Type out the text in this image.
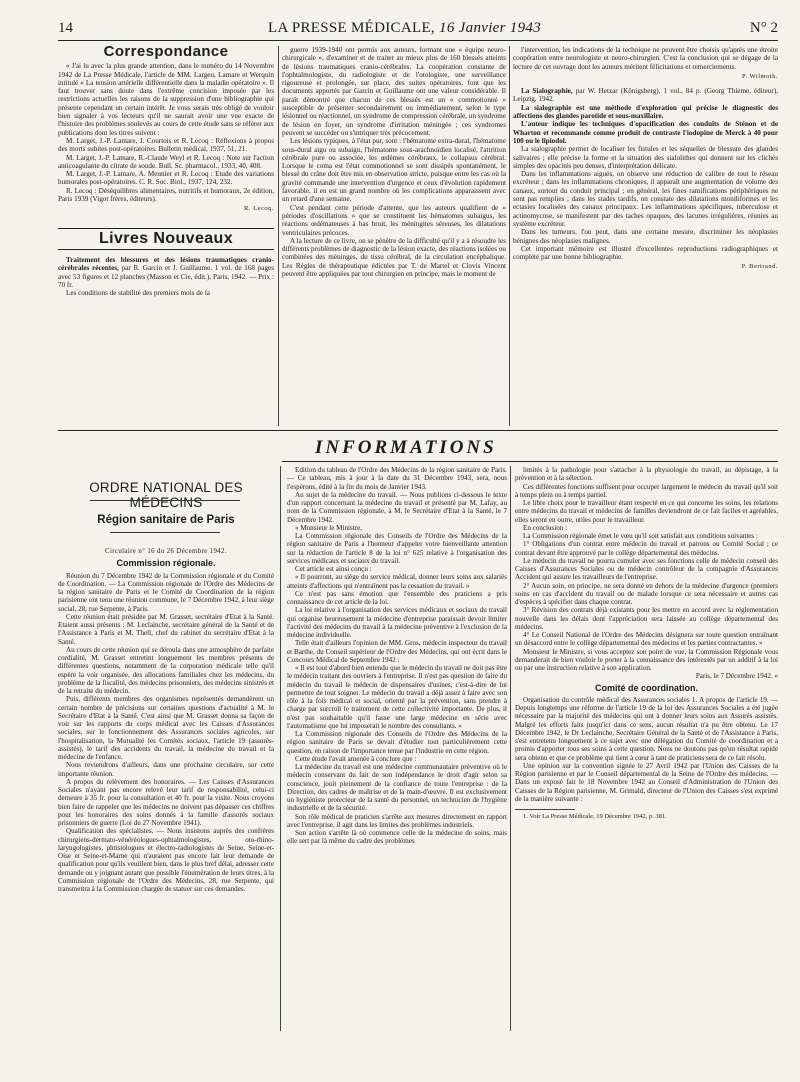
14	LA PRESSE MÉDICALE, 16 Janvier 1943	N° 2
Correspondance

« J'ai lu avec la plus grande attention, dans le numéro du 14 Novembre 1942 de La Presse Médicale, l'article de MM. Largeu, Lamare et Werquin intitulé « La tension artérielle différentielle dans la maladie opératoire ». Il faut trouver sans doute dans l'extrême concision imposée par les restrictions actuelles les raisons de la suppression d'une bibliographie qui présente cependant un certain intérêt. Je vous serais très obligé de vouloir bien signaler à vos lecteurs qu'il ne saurait avoir une vue exacte de l'histoire des problèmes soulevés au cours de cette étude sans se référer aux publications dont les titres suivent :

M. Larget, J.-P. Lamare, J. Courtois et R. Lecoq : Réflexions à propos des morts subites post-opératoires. Bulletin médical, 1937, 51, 21.

M. Larget, J.-P. Lamare, R.-Claude Weyl et R. Lecoq : Note sur l'action anticoagulante du citrate de soude. Bull. Sc. pharmacol., 1933, 40, 408.

M. Larget, J.-P. Lamare, A. Meunier et R. Lecoq : Etude des variations humorales post-opératoires. C. R. Soc. Biol., 1937, 124, 232.

R. Lecoq : Déséquilibres alimentaires, nutritifs et humoraux, 2e édition, Paris 1939 (Vigot frères, éditeurs).

R. Lecoq.
Livres Nouveaux

Traitement des blessures et des lésions traumatiques cranio-cérébrales récentes, par R. Garcin et J. Guillaume. 1 vol. de 168 pages avec 53 figures et 12 planches (Masson et Cie, édit.), Paris, 1942. — Prix : 70 fr.

Les conditions de stabilité des premiers mois de la

guerre 1939-1940 ont permis aux auteurs, formant une « équipe neuro-chirurgicale », d'examiner et de traiter au mieux plus de 160 blessés atteints de lésions traumatiques cranio-cérébrales. La coopération constante de l'ophtalmologiste, du radiologiste et de l'otologiste, une surveillance rigoureuse et prolongée, sur place, des suites opératoires, font que les documents apportés par Garcin et Guillaume ont une valeur considérable. Il paraît démontré que chacun de ces blessés est un « commotionné » susceptible de présenter secondairement ou immédiatement, selon le type lésionnel ou réactionnel, un syndrome de compression cérébrale, un syndrome de lésion en foyer, un syndrome d'irritation méningée ; ces syndromes peuvent se succéder ou s'intriquer très précocement.

Les lésions typiques, à l'état pur, sont : l'hématome extra-dural, l'hématome sous-dural aigu ou subaigu, l'hématome sous-arachnoïdien localisé, l'attrition cérébrale pure ou associée, les œdèmes cérébraux, le collapsus cérébral. Lorsque le coma est l'état commotionnel se sont dissipés spontanément, le blessé du crâne doit être mis en observation stricte, puisque entre les cas où la gravité commande une intervention d'urgence et ceux d'évolution rapidement favorable, il en est un grand nombre où les complications apparaissent avec un retard d'une semaine.

C'est pendant cette période d'attente, que les auteurs qualifient de « périodes d'oscillations » que se constituent les hématomes subaigus, les réactions œdémateuses à bas bruit, les méningites séreuses, les dilatations ventriculaires précoces.

A la lecture de ce livre, on se pénètre de la difficulté qu'il y a à résoudre les différents problèmes de diagnostic de la lésion exacte, des réactions isolées ou combinées des méninges, du tissu cérébral, de la circulation encéphalique. Les Règles de thérapeutique édictées par T. de Martel et Clovis Vincent peuvent être appliquées par tout chirurgien en principe, mais le moment de

l'intervention, les indications de la technique ne peuvent être choisis qu'après une étroite coopération entre neurologiste et neuro-chirurgien. C'est la conclusion qui se dégage de la lecture de cet ouvrage dont les auteurs méritent félicitations et remerciements.

P. Wilmoth.

La Sialographie, par W. Hetzar (Königsberg), 1 vol., 84 p. (Georg Thieme, éditeur), Leipzig, 1942.

La sialographie est une méthode d'exploration qui précise le diagnostic des affections des glandes parotide et sous-maxillaire.

L'auteur indique les techniques d'opacification des conduits de Sténon et de Wharton et recommande comme produit de contraste l'iodopine de Merck à 40 pour 100 ou le lipiodol.

La sialographie permet de localiser les fistules et les séquelles de blessure des glandes salivaires ; elle précise la forme et la situation des sialolithes qui donnent sur les clichés simples des opacités peu denses, d'interprétation délicate.

Dans les inflammations aiguës, on observe une réduction de calibre de tout le réseau excréteur ; dans les inflammations chroniques, il apparaît une augmentation de volume des canaux, surtout du conduit principal ; en général, les fines ramifications périphériques ne sont pas remplies ; dans les stades tardifs, on constate des dilatations moniliformes et les ectasies localisées des canaux principaux. Les inflammations spécifiques, tuberculose et actinomycose, se manifestent par des taches opaques, des lacunes irrégulières, réunies au système excréteur.

Dans les tumeurs, l'on peut, dans une certaine mesure, discriminer les néoplasies bénignes des néoplasies malignes.

Cet important mémoire est illustré d'excellentes reproductions radiographiques et complété par une bonne bibliographie.

P. Bertrand.
INFORMATIONS
ORDRE NATIONAL DES MÉDECINS
Région sanitaire de Paris
Circulaire n° 16 du 26 Décembre 1942.
Commission régionale.

Réunion du 7 Décembre 1942 de la Commission régionale et du Comité de Coordination. — La Commission régionale de l'Ordre des Médecins de la région sanitaire de Paris et le Comité de Coordination de la région parisienne ont tenu une réunion commune, le 7 Décembre 1942, à leur siège social, 28, rue Serpente, à Paris.

Cette réunion était présidée par M. Grasset, secrétaire d'Etat à la Santé. Etaient aussi présents : M. Leclainche, secrétaire général de la Santé et de l'Assistance à Paris et M. Thell, chef du cabinet du secrétaire d'Etat à la Santé.

Au cours de cette réunion qui se déroula dans une atmosphère de parfaite cordialité, M. Grasset entretint longuement les membres présents de différentes questions, notamment de la corporation médicale telle qu'il espère la voir organisée, des allocations familiales chez les médecins, du problème de la fiscalité, des médecins prisonniers, des médecins sinistrés et de la retraite du médecin.

Puis, différents membres des organismes représentés demandèrent un certain nombre de précisions sur certaines questions d'actualité à M. le Secrétaire d'Etat à la Santé. C'est ainsi que M. Grasset donna sa façon de voir sur les rapports du corps médical avec les Caisses d'Assurances sociales, sur le fonctionnement des Assurances sociales agricoles, sur l'hospitalisation, la Mutualité les Comités sociaux, l'article 19 (assurés-assistés), le tarif des accidents du travail, la médecine du travail et la médecine de l'enfance.

Nous reviendrons d'ailleurs, dans une prochaine circulaire, sur cette importante réunion.

A propos du relèvement des honoraires. — Les Caisses d'Assurances Sociales n'ayant pas encore relevé leur tarif de responsabilité, celui-ci demeure à 35 fr. pour la consultation et 40 fr. pour la visite. Nous croyons bien faire de rappeler que les médecins ne doivent pas dépasser ces chiffres pour les honoraires des soins donnés à la famille d'assurés sociaux prisonniers de guerre (Loi du 27 Novembre 1941).

Qualification des spécialistes. — Nous insistons auprès des confrères chirurgiens-dermato-vénéréologues-ophtalmologistes, oto-rhino-laryngologistes, phtisiologues et électro-radiologistes de Seine, Seine-et-Oise et Seine-et-Marne qui n'auraient pas encore fait leur demande de qualification pour qu'ils veuillent bien, dans le plus bref délai, adresser cette demande ou y joignant autant que possible l'énumération de leurs titres, à la Commission régionale de l'Ordre des Médecins, 28, rue Serpente, qui transmettra à la Commission chargée de statuer sur ces demandes.

Edition du tableau de l'Ordre des Médecins de la région sanitaire de Paris. — Ce tableau, mis à jour à la date du 31 Décembre 1943, sera, nous l'espérons, édité à la fin du mois de Janvier 1943.

Au sujet de la médecine du travail. — Nous publions ci-dessous le texte d'un rapport concernant la médecine du travail et présenté par M. Lafay, au nom de la Commission régionale, à M. le Secrétaire d'Etat à la Santé, le 7 Décembre 1942.

« Monsieur le Ministre,

La Commission régionale des Conseils de l'Ordre des Médecins de la région sanitaire de Paris a l'honneur d'appeler votre bienveillante attention sur la rédaction de l'article 8 de la loi n° 625 relative à l'organisation des services médicaux et sociaux du travail.

Cet article est ainsi conçu :

« Il pourront, au siège du service médical, donner leurs soins aux salariés atteints d'affections qui n'entraînent pas la cessation du travail. »

Ce n'est pas sans émotion que l'ensemble des praticiens a pris connaissance de cet article de la loi.

La loi relative à l'organisation des services médicaux et sociaux du travail qui organise heureusement la médecine d'entreprise paraissait devoir limiter l'activité des médecins du travail à la médecine préventive à l'exclusion de la médecine individuelle.

Telle était d'ailleurs l'opinion de MM. Gros, médecin inspecteur du travail et Barthe, du Conseil supérieur de l'Ordre des Médecins, qui ont écrit dans le Concours Médical de Septembre 1942 :

« Il est tout d'abord bien entendu que le médecin du travail ne doit pas être le médecin traitant des ouvriers à l'entreprise. Il n'est pas question de faire du médecin du travail le médecin de dispensaires d'usines, c'est-à-dire de lui permettre de tout soigner. Le médecin du travail a déjà assez à faire avec son rôle à la fois médical et social, orienté par la prévention, sans prendre à charge par surcroît le traitement de cette collectivité importante. De plus, il n'est pas souhaitable qu'il fasse une large médecine en série avec l'automatisme que lui imposerait le nombre des consultants. »

La Commission régionale des Conseils de l'Ordre des Médecins de la région sanitaire de Paris se devait d'étudier tout particulièrement cette question, en raison de l'importance tenue par l'industrie en cette région.

Cette étude l'avait amenée à conclure que :

La médecine du travail est une médecine communautaire préventive où le médecin conservant du fait de son indépendance le droit d'agir selon sa conscience, jouit pleinement de la confiance de toute l'entreprise : de la Direction, des cadres de maîtrise et de la main-d'œuvre. Il est exclusivement un hygiéniste protecteur de la santé du personnel, un technicien de l'hygiène industrielle et de la sécurité.

Son rôle médical de praticien s'arrête aux mesures directement en rapport avec l'entreprise, il agit dans les limites des problèmes industriels.

Son action s'arrête là où commence celle de la médecine de soins, mais elle sert par là même du cadre des problèmes

limités à la pathologie pour s'attacher à la physiologie du travail, au dépistage, à la prévention et à la sélection.

Ces différentes fonctions suffisent pour occuper largement le médecin du travail qu'il soit à temps plein ou à temps partiel.

Le libre choix pour le travailleur étant respecté en ce qui concerne les soins, les relations entre médecins du travail et médecins de familles deviendront de ce fait faciles et agréables, elles seront en outre, utiles pour le travailleur.

En conclusion :

La Commission régionale émet le vœu qu'il soit satisfait aux conditions suivantes :

1° Obligations d'un contrat entre médecin du travail et patrons ou Comité Social ; ce contrat devant être approuvé par le collège départemental des médecins.

Le médecin du travail ne pourra cumuler avec ses fonctions celle de médecin conseil des Caisses d'Assurances Sociales ou de médecin contrôleur de la compagnie d'Assurances Accident qui assure les travailleurs de l'entreprise.

2° Aucun soin, en principe, ne sera donné en dehors de la médecine d'urgence (premiers soins en cas d'accident du travail ou de malade lorsque ce sera nécessaire et autres cas d'espèces à spécifier dans chaque contrat.

3° Révision des contrats déjà existants pour les mettre en accord avec la réglementation nouvelle dans les délais dont l'appréciation sera laissée au collège départemental des médecins.

4° Le Conseil National de l'Ordre des Médecins désignera sur toute question entraînant un désaccord entre le collège départemental des médecins et les parties contractantes. »

Monsieur le Ministre, si vous acceptez son point de vue, la Commission Régionale vous demanderait de bien vouloir le porter à la connaissance des intéressés par un additif à la loi ou par une instruction relative à son application.

Paris, le 7 Décembre 1942. »

Comité de coordination.

Organisation du contrôle médical des Assurances sociales 1. A propos de l'article 19. — Depuis longtemps une réforme de l'article 19 de la loi des Assurances Sociales a été jugée nécessaire par la majorité des médecins qui ont à donner leurs soins aux Assurés assistés. Malgré les efforts faits jusqu'ici dans ce sens, aucun résultat n'a pu être obtenu. Le 17 Décembre 1942, le Dr Leclainche, Secrétaire Général de la Santé et de l'Assistance à Paris, s'est entretenu longuement à ce sujet avec une délégation du Comité de coordination et a promis d'apporter tous ses soins à cette question. Nous ne doutons pas qu'un résultat rapide sera obtenu et que ce problème qui tient à cœur à tant de praticiens sera de ce fait résolu.

Une opinion sur la convention signée le 27 Avril 1942 par l'Union des Caisses de la Région parisienne et par le Conseil départemental de la Seine de l'Ordre des médecins. — Dans un exposé fait le 18 Novembre 1942 au Conseil d'Administration de l'Union des Caisses de la Région parisienne, M. Grimald, directeur de l'Union des Caisses s'est exprimé de la manière suivante :

1. Voir La Presse Médicale, 19 Décembre 1942, p. 381.
